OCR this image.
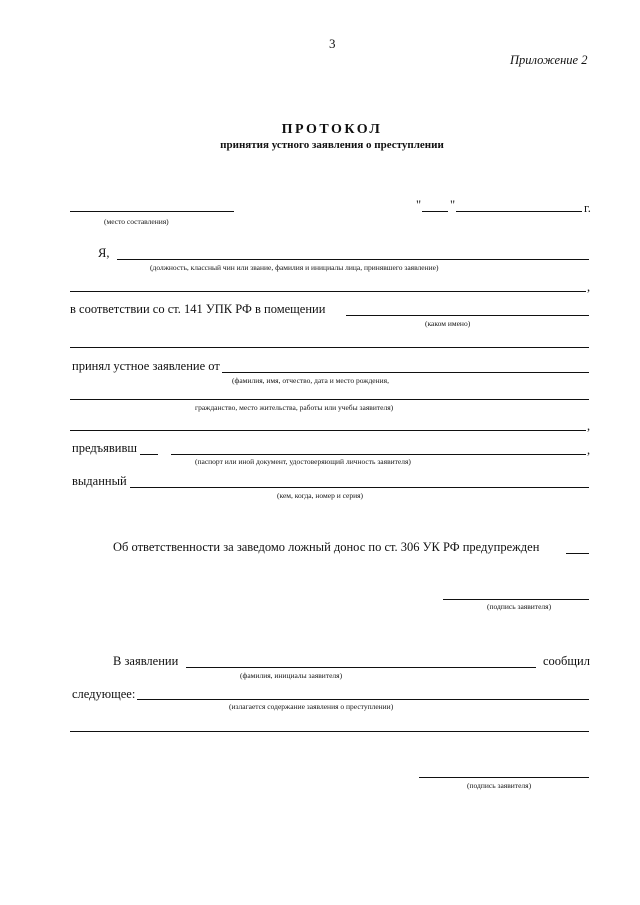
3
Приложение 2
ПРОТОКОЛ
принятия устного заявления о преступлении
(место составления)
" "	г.
Я,
(должность, классный чин или звание, фамилия и инициалы лица, принявшего заявление)
,
в соответствии со ст. 141 УПК РФ в помещении
(каком имено)
принял устное заявление от
(фамилия, имя, отчество, дата и место рождения,
гражданство, место жительства, работы или учебы заявителя)
,
предъявивш	,
(паспорт или иной документ, удостоверяющий личность заявителя)
выданный
(кем, когда, номер и серия)
Об ответственности за заведомо ложный донос по ст. 306 УК РФ предупрежден
(подпись заявителя)
В заявлении	сообщил
(фамилия, инициалы заявителя)
следующее:
(излагается содержание заявления о преступлении)
(подпись заявителя)
